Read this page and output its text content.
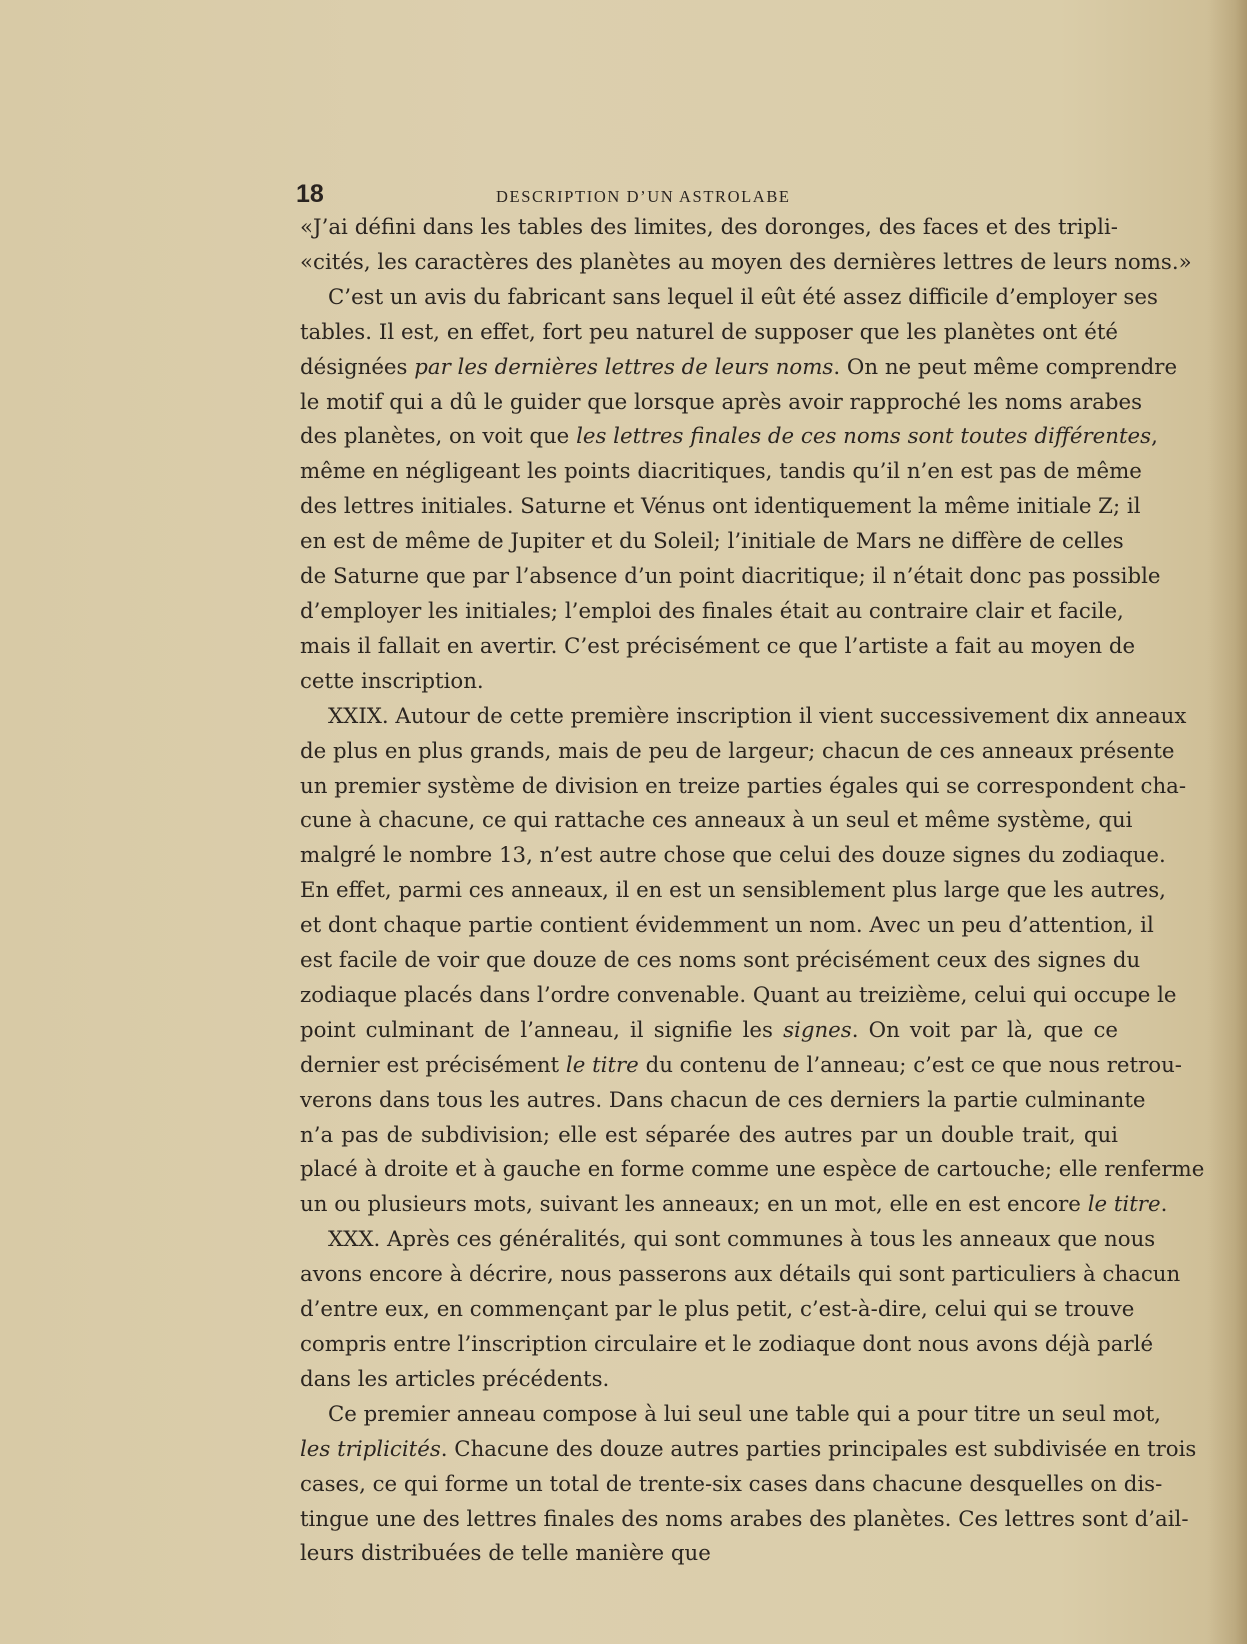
18	DESCRIPTION D’UN ASTROLABE

«J’ai défini dans les tables des limites, des doronges, des faces et des tripli-

«cités, les caractères des planètes au moyen des dernières lettres de leurs noms.»

C’est un avis du fabricant sans lequel il eût été assez difficile d’employer ses

tables. Il est, en effet, fort peu naturel de supposer que les planètes ont été

désignées par les dernières lettres de leurs noms. On ne peut même comprendre

le motif qui a dû le guider que lorsque après avoir rapproché les noms arabes

des planètes, on voit que les lettres finales de ces noms sont toutes différentes,

même en négligeant les points diacritiques, tandis qu’il n’en est pas de même

des lettres initiales. Saturne et Vénus ont identiquement la même initiale Z; il

en est de même de Jupiter et du Soleil; l’initiale de Mars ne diffère de celles

de Saturne que par l’absence d’un point diacritique; il n’était donc pas possible

d’employer les initiales; l’emploi des finales était au contraire clair et facile,

mais il fallait en avertir. C’est précisément ce que l’artiste a fait au moyen de

cette inscription.

XXIX. Autour de cette première inscription il vient successivement dix anneaux

de plus en plus grands, mais de peu de largeur; chacun de ces anneaux présente

un premier système de division en treize parties égales qui se correspondent cha-

cune à chacune, ce qui rattache ces anneaux à un seul et même système, qui

malgré le nombre 13, n’est autre chose que celui des douze signes du zodiaque.

En effet, parmi ces anneaux, il en est un sensiblement plus large que les autres,

et dont chaque partie contient évidemment un nom. Avec un peu d’attention, il

est facile de voir que douze de ces noms sont précisément ceux des signes du

zodiaque placés dans l’ordre convenable. Quant au treizième, celui qui occupe le

point culminant de l’anneau, il signifie les signes. On voit par là, que ce

dernier est précisément le titre du contenu de l’anneau; c’est ce que nous retrou-

verons dans tous les autres. Dans chacun de ces derniers la partie culminante

n’a pas de subdivision; elle est séparée des autres par un double trait, qui

placé à droite et à gauche en forme comme une espèce de cartouche; elle renferme

un ou plusieurs mots, suivant les anneaux; en un mot, elle en est encore le titre.

XXX. Après ces généralités, qui sont communes à tous les anneaux que nous

avons encore à décrire, nous passerons aux détails qui sont particuliers à chacun

d’entre eux, en commençant par le plus petit, c’est-à-dire, celui qui se trouve

compris entre l’inscription circulaire et le zodiaque dont nous avons déjà parlé

dans les articles précédents.

Ce premier anneau compose à lui seul une table qui a pour titre un seul mot,

les triplicités. Chacune des douze autres parties principales est subdivisée en trois

cases, ce qui forme un total de trente-six cases dans chacune desquelles on dis-

tingue une des lettres finales des noms arabes des planètes. Ces lettres sont d’ail-

leurs distribuées de telle manière que
